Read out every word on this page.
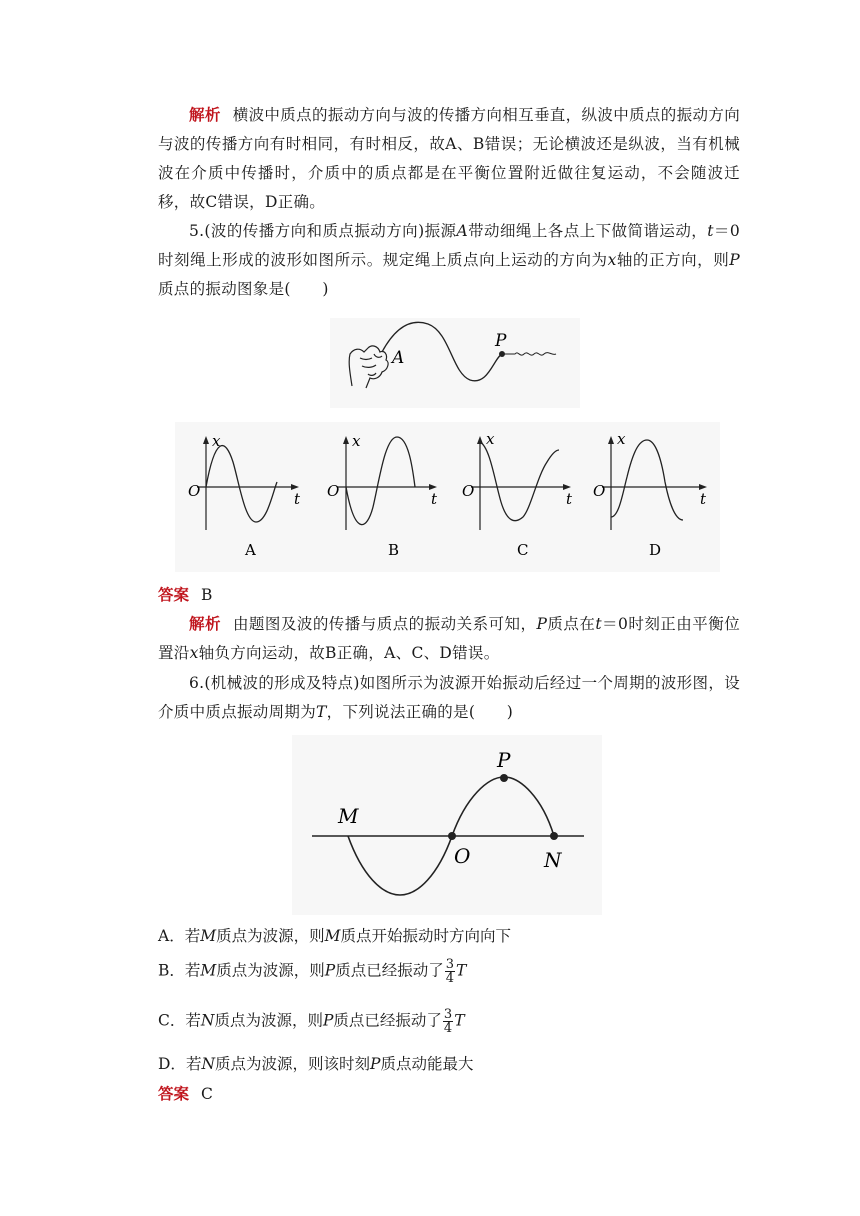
解析 横波中质点的振动方向与波的传播方向相互垂直，纵波中质点的振动方向与波的传播方向有时相同，有时相反，故A、B错误；无论横波还是纵波，当有机械波在介质中传播时，介质中的质点都是在平衡位置附近做往复运动，不会随波迁移，故C错误，D正确。
5.(波的传播方向和质点振动方向)振源A带动细绳上各点上下做简谐运动，t＝0时刻绳上形成的波形如图所示。规定绳上质点向上运动的方向为x轴的正方向，则P质点的振动图象是(　　)
A
P
x
O	t
A
x
O	t
B
x
O	t
C
x
O	t
D
答案 B
解析 由题图及波的传播与质点的振动关系可知，P质点在t＝0时刻正由平衡位置沿x轴负方向运动，故B正确，A、C、D错误。
6.(机械波的形成及特点)如图所示为波源开始振动后经过一个周期的波形图，设介质中质点振动周期为T，下列说法正确的是(　　)
M
O
P
N
A．若M质点为波源，则M质点开始振动时方向向下
B．若M质点为波源，则P质点已经振动了 $\frac{3}{4}$ T
C．若N质点为波源，则P质点已经振动了 $\frac{3}{4}$ T
D．若N质点为波源，则该时刻P质点动能最大
答案 C
